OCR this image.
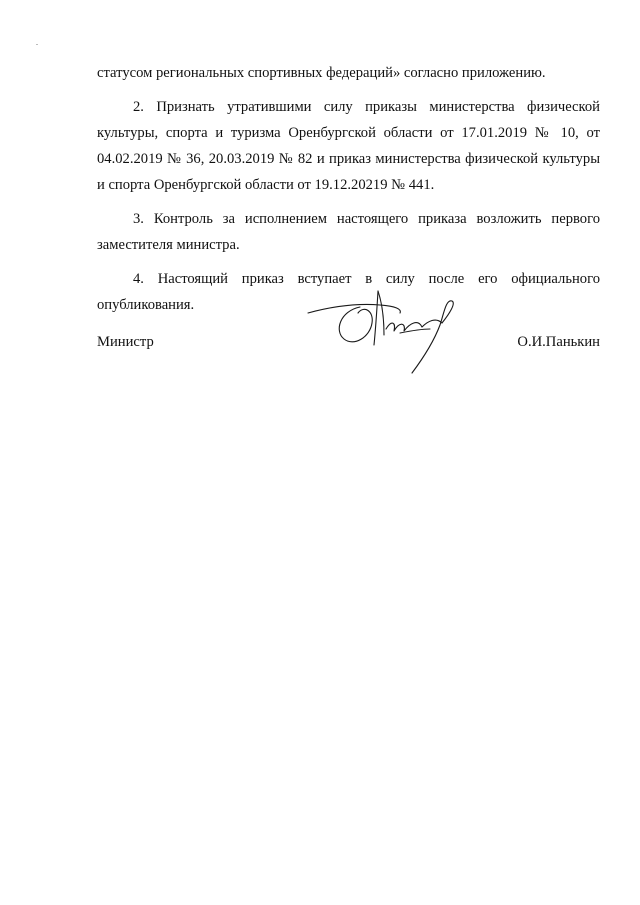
статусом региональных спортивных федераций» согласно приложению.

2. Признать утратившими силу приказы министерства физической культуры, спорта и туризма Оренбургской области от 17.01.2019 № 10, от 04.02.2019 № 36, 20.03.2019 № 82 и приказ министерства физической культуры и спорта Оренбургской области от 19.12.20219 № 441.

3. Контроль за исполнением настоящего приказа возложить первого заместителя министра.

4. Настоящий приказ вступает в силу после его официального опубликования.

Министр	О.И.Панькин
